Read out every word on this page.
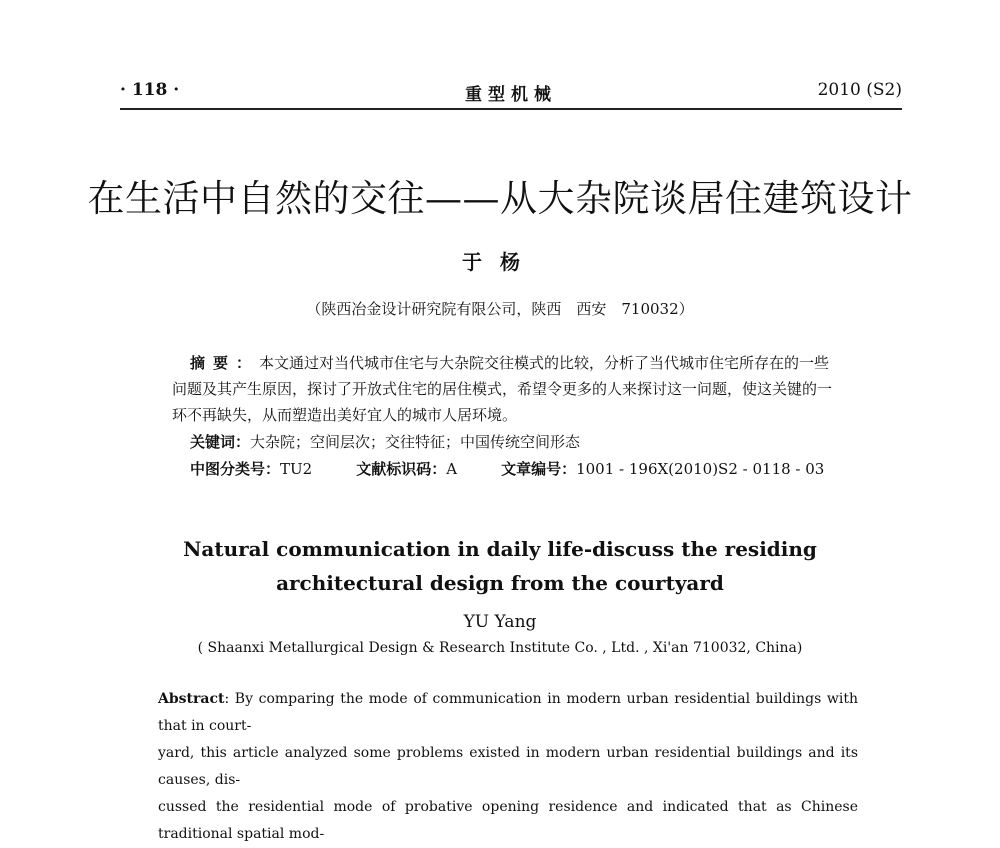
· 118 ·	重型机械	2010 (S2)
在生活中自然的交往——从大杂院谈居住建筑设计
于杨
（陕西冶金设计研究院有限公司，陕西　西安　710032）
摘要：本文通过对当代城市住宅与大杂院交往模式的比较，分析了当代城市住宅所存在的一些
问题及其产生原因，探讨了开放式住宅的居住模式，希望令更多的人来探讨这一问题，使这关键的一
环不再缺失，从而塑造出美好宜人的城市人居环境。
关键词：大杂院；空间层次；交往特征；中国传统空间形态
中图分类号：TU2	文献标识码：A	文章编号：1001 - 196X(2010)S2 - 0118 - 03
Natural communication in daily life-discuss the residing
architectural design from the courtyard
YU Yang
( Shaanxi Metallurgical Design & Research Institute Co. , Ltd. , Xi'an 710032, China)
Abstract: By comparing the mode of communication in modern urban residential buildings with that in court-
yard, this article analyzed some problems existed in modern urban residential buildings and its causes, dis-
cussed the residential mode of probative opening residence and indicated that as Chinese traditional spatial mod-
